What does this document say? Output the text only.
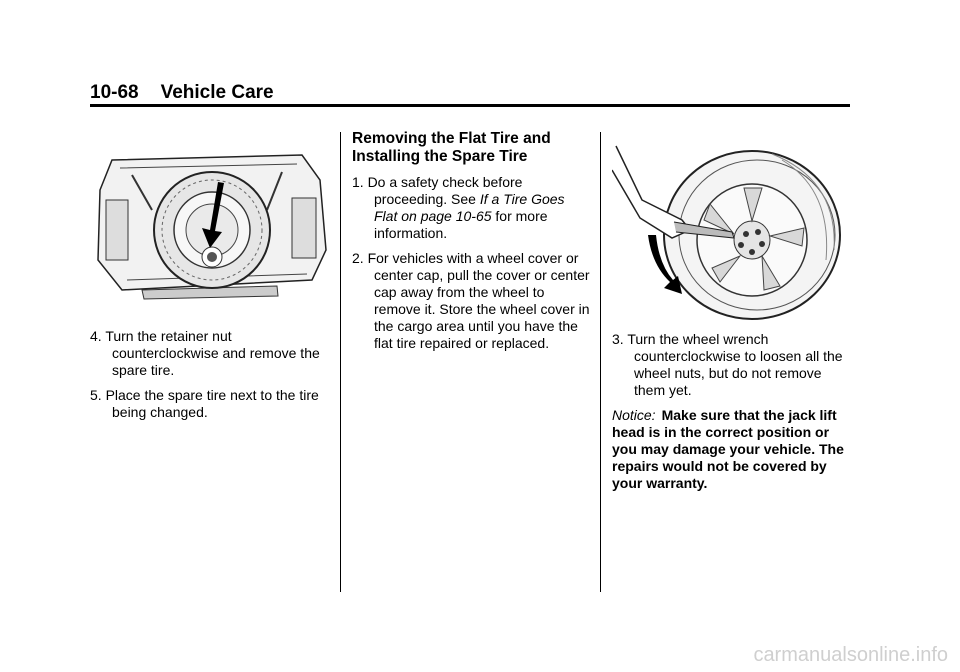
10-68 Vehicle Care

4. Turn the retainer nut counterclockwise and remove the spare tire.

5. Place the spare tire next to the tire being changed.

Removing the Flat Tire and Installing the Spare Tire

1. Do a safety check before proceeding. See If a Tire Goes Flat on page 10-65 for more information.

2. For vehicles with a wheel cover or center cap, pull the cover or center cap away from the wheel to remove it. Store the wheel cover in the cargo area until you have the flat tire repaired or replaced.	3. Turn the wheel wrench counterclockwise to loosen all the wheel nuts, but do not remove them yet.

Notice: Make sure that the jack lift head is in the correct position or you may damage your vehicle. The repairs would not be covered by your warranty.

carmanualsonline.info
